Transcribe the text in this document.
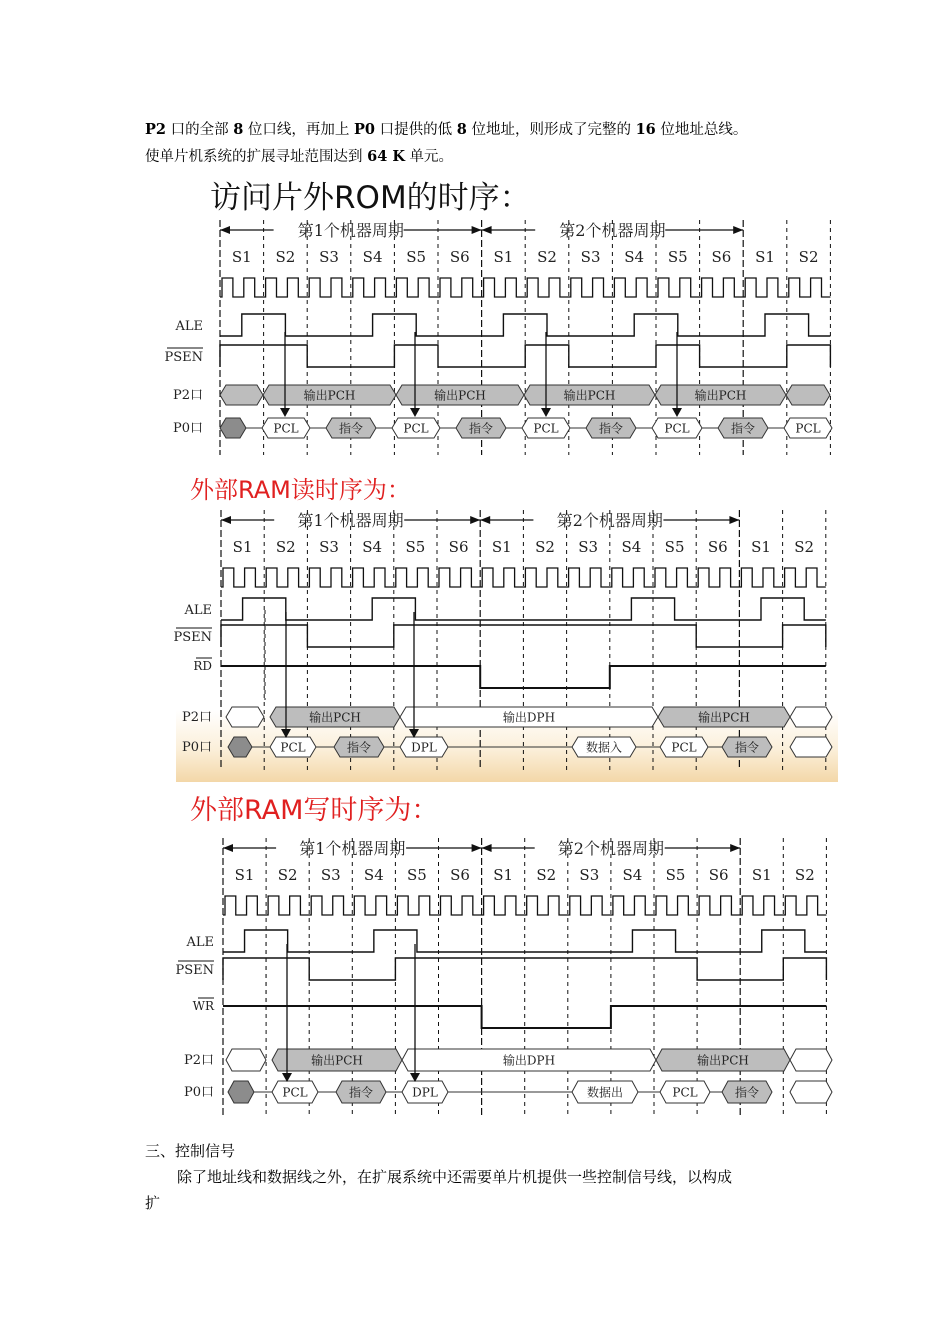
P2 口的全部 8 位口线，再加上 P0 口提供的低 8 位地址，则形成了完整的 16 位地址总线。
使单片机系统的扩展寻址范围达到 64 K 单元。
访问片外ROM的时序：
外部RAM读时序为：
外部RAM写时序为：
第1个机器周期	第2个机器周期
S1 S2 S3 S4 S5 S6 S1 S2 S3 S4 S5 S6 S1 S2
ALE
PSEN
P2口	输出PCH	输出PCH	输出PCH	输出PCH
P0口	PCL	指令	PCL	指令	PCL	指令	PCL	指令	PCL
第1个机器周期	第2个机器周期
S1 S2 S3 S4 S5 S6 S1 S2 S3 S4 S5 S6 S1 S2
ALE
PSEN
RD
P2口	输出PCH	输出DPH	输出PCH
P0口	PCL	指令	DPL	数据入	PCL	指令
第1个机器周期	第2个机器周期
S1 S2 S3 S4 S5 S6 S1 S2 S3 S4 S5 S6 S1 S2
ALE
PSEN
WR
P2口	输出PCH	输出DPH	输出PCH
P0口	PCL	指令	DPL	数据出	PCL	指令
三、控制信号
除了地址线和数据线之外，在扩展系统中还需要单片机提供一些控制信号线，以构成
扩
